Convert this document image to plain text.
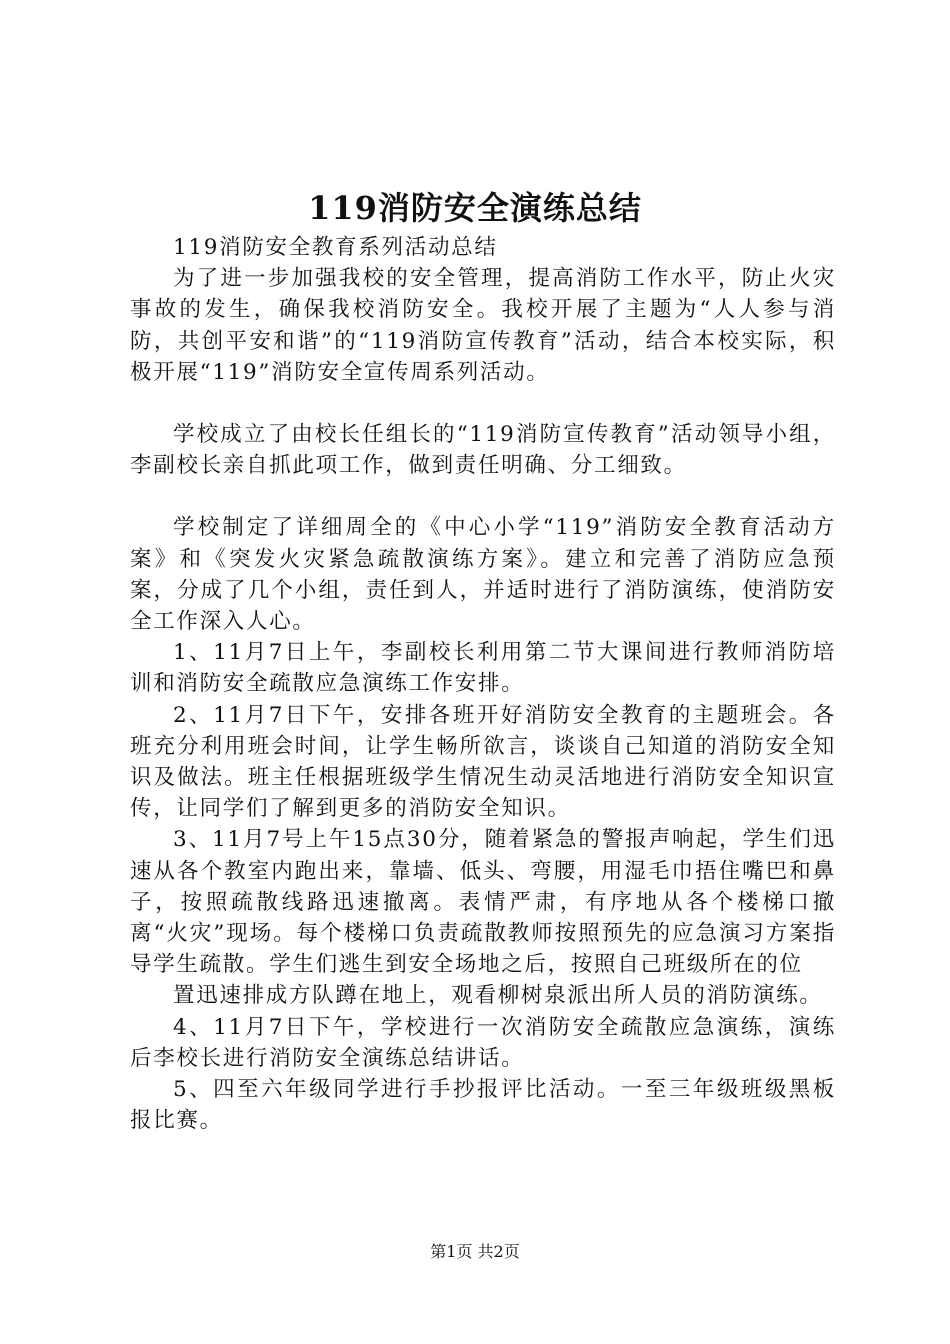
119消防安全演练总结

119消防安全教育系列活动总结

为了进一步加强我校的安全管理，提高消防工作水平，防止火灾事故的发生，确保我校消防安全。我校开展了主题为“人人参与消防，共创平安和谐”的“119消防宣传教育”活动，结合本校实际，积极开展“119”消防安全宣传周系列活动。

学校成立了由校长任组长的“119消防宣传教育”活动领导小组，李副校长亲自抓此项工作，做到责任明确、分工细致。

学校制定了详细周全的《中心小学“119”消防安全教育活动方案》和《突发火灾紧急疏散演练方案》。建立和完善了消防应急预案，分成了几个小组，责任到人，并适时进行了消防演练，使消防安全工作深入人心。

1、11月7日上午，李副校长利用第二节大课间进行教师消防培训和消防安全疏散应急演练工作安排。

2、11月7日下午，安排各班开好消防安全教育的主题班会。各班充分利用班会时间，让学生畅所欲言，谈谈自己知道的消防安全知识及做法。班主任根据班级学生情况生动灵活地进行消防安全知识宣传，让同学们了解到更多的消防安全知识。

3、11月7号上午15点30分，随着紧急的警报声响起，学生们迅速从各个教室内跑出来，靠墙、低头、弯腰，用湿毛巾捂住嘴巴和鼻子，按照疏散线路迅速撤离。表情严肃，有序地从各个楼梯口撤离“火灾”现场。每个楼梯口负责疏散教师按照预先的应急演习方案指导学生疏散。学生们逃生到安全场地之后，按照自己班级所在的位

置迅速排成方队蹲在地上，观看柳树泉派出所人员的消防演练。

4、11月7日下午，学校进行一次消防安全疏散应急演练，演练后李校长进行消防安全演练总结讲话。

5、四至六年级同学进行手抄报评比活动。一至三年级班级黑板报比赛。

第1页 共2页
